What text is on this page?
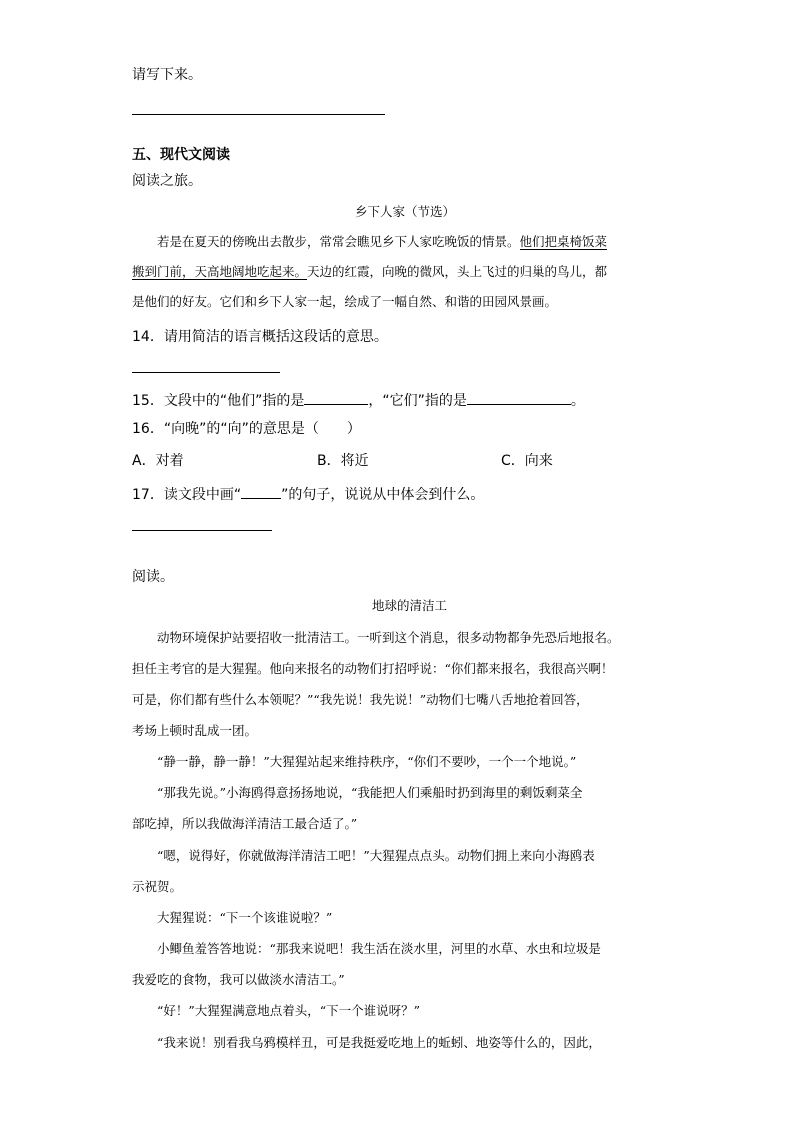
请写下来。
五、现代文阅读
阅读之旅。
乡下人家（节选）
若是在夏天的傍晚出去散步，常常会瞧见乡下人家吃晚饭的情景。他们把桌椅饭菜
搬到门前，天高地阔地吃起来。天边的红霞，向晚的微风，头上飞过的归巢的鸟儿，都
是他们的好友。它们和乡下人家一起，绘成了一幅自然、和谐的田园风景画。
14．请用简洁的语言概括这段话的意思。
15．文段中的“他们”指的是	，“它们”指的是	。
16．“向晚”的“向”的意思是（　　）
A．对着	B．将近	C．向来
17．读文段中画“	”的句子，说说从中体会到什么。
阅读。
地球的清洁工
动物环境保护站要招收一批清洁工。一听到这个消息，很多动物都争先恐后地报名。
担任主考官的是大猩猩。他向来报名的动物们打招呼说：“你们都来报名，我很高兴啊！
可是，你们都有些什么本领呢？”“我先说！我先说！”动物们七嘴八舌地抢着回答，
考场上顿时乱成一团。
“静一静，静一静！”大猩猩站起来维持秩序，“你们不要吵，一个一个地说。”
“那我先说。”小海鸥得意扬扬地说，“我能把人们乘船时扔到海里的剩饭剩菜全
部吃掉，所以我做海洋清洁工最合适了。”
“嗯，说得好，你就做海洋清洁工吧！”大猩猩点点头。动物们拥上来向小海鸥表
示祝贺。
大猩猩说：“下一个该谁说啦？”
小鲫鱼羞答答地说：“那我来说吧！我生活在淡水里，河里的水草、水虫和垃圾是
我爱吃的食物，我可以做淡水清洁工。”
“好！”大猩猩满意地点着头，“下一个谁说呀？”
“我来说！别看我乌鸦模样丑，可是我挺爱吃地上的蚯蚓、地姿等什么的，因此，
